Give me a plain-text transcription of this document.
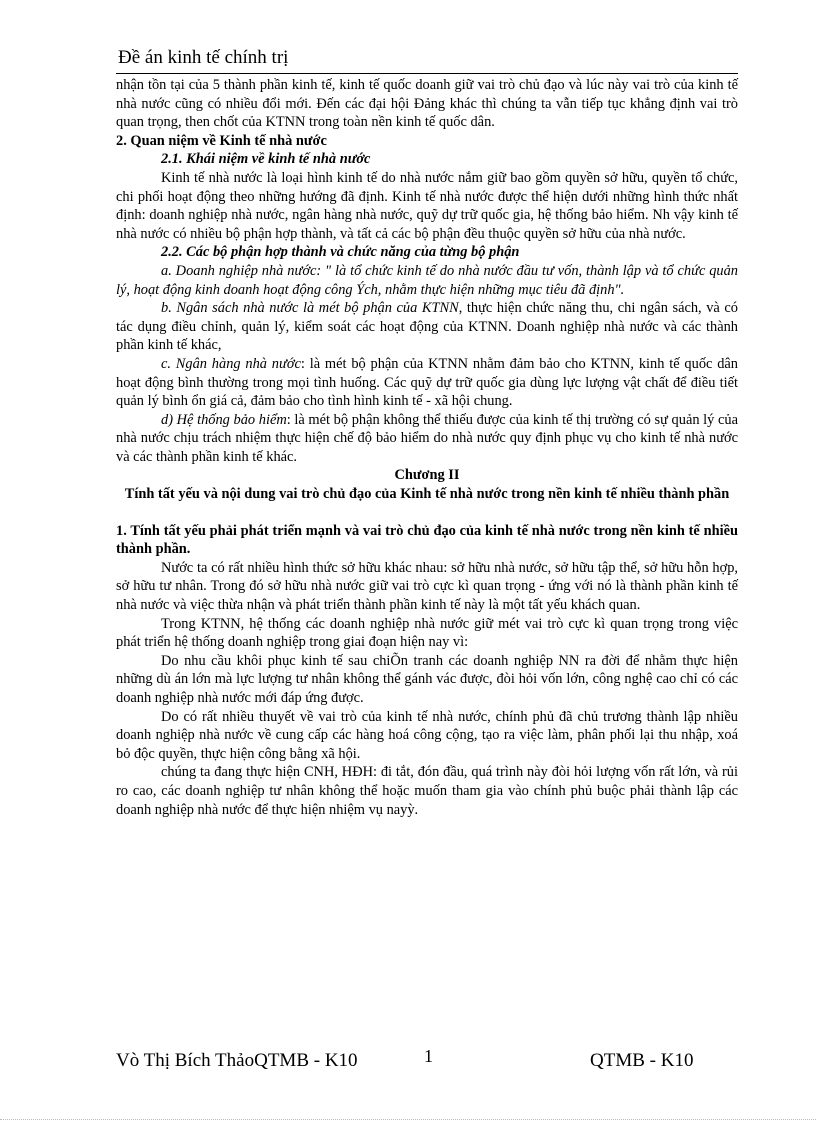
Đề án kinh tế chính trị

nhận tồn tại của 5 thành phần kinh tế, kinh tế quốc doanh giữ vai trò chủ đạo và lúc này vai trò của kinh tế nhà nước cũng có nhiều đổi mới. Đến các đại hội Đảng khác thì chúng ta vẫn tiếp tục khẳng định vai trò quan trọng, then chốt của KTNN trong toàn nền kinh tế quốc dân.

2. Quan niệm về Kinh tế nhà nước

2.1. Khái niệm về kinh tế nhà nước

Kinh tế nhà nước là loại hình kinh tế do nhà nước nắm giữ bao gồm quyền sở hữu, quyền tổ chức, chi phối hoạt động theo những hướng đã định. Kinh tế nhà nước được thể hiện dưới những hình thức nhất định: doanh nghiệp nhà nước, ngân hàng nhà nước, quỹ dự trữ quốc gia, hệ thống bảo hiểm. Nh vậy kinh tế nhà nước có nhiều bộ phận hợp thành, và tất cả các bộ phận đều thuộc quyền sở hữu của nhà nước.

2.2. Các bộ phận hợp thành và chức năng của từng bộ phận

a. Doanh nghiệp nhà nước: " là tổ chức kinh tế do nhà nước đầu tư vốn, thành lập và tổ chức quản lý, hoạt động kinh doanh hoạt động công Ých, nhằm thực hiện những mục tiêu đã định".

b. Ngân sách nhà nước là mét bộ phận của KTNN, thực hiện chức năng thu, chi ngân sách, và có tác dụng điều chỉnh, quản lý, kiểm soát các hoạt động của KTNN. Doanh nghiệp nhà nước và các thành phần kinh tế khác,

c. Ngân hàng nhà nước: là mét bộ phận của KTNN nhằm đảm bảo cho KTNN, kinh tế quốc dân hoạt động bình thường trong mọi tình huống. Các quỹ dự trữ quốc gia dùng lực lượng vật chất để điều tiết quản lý bình ổn giá cả, đảm bảo cho tình hình kinh tế - xã hội chung.

d) Hệ thống bảo hiểm: là mét bộ phận không thể thiếu được của kinh tế thị trường có sự quản lý của nhà nước chịu trách nhiệm thực hiện chế độ bảo hiểm do nhà nước quy định phục vụ cho kinh tế nhà nước và các thành phần kinh tế khác.

Chương II

Tính tất yếu và nội dung vai trò chủ đạo của Kinh tế nhà nước trong nền kinh tế nhiều thành phần

1. Tính tất yếu phải phát triển mạnh và vai trò chủ đạo của kinh tế nhà nước trong nền kinh tế nhiều thành phần.

Nước ta có rất nhiều hình thức sở hữu khác nhau: sở hữu nhà nước, sở hữu tập thể, sở hữu hỗn hợp, sở hữu tư nhân. Trong đó sở hữu nhà nước giữ vai trò cực kì quan trọng - ứng với nó là thành phần kinh tế nhà nước và việc thừa nhận và phát triển thành phần kinh tế này là một tất yếu khách quan.

Trong KTNN, hệ thống các doanh nghiệp nhà nước giữ mét vai trò cực kì quan trọng trong việc phát triển hệ thống doanh nghiệp trong giai đoạn hiện nay vì:

Do nhu cầu khôi phục kinh tế sau chiÕn tranh các doanh nghiệp NN ra đời để nhằm thực hiện những dù án lớn mà lực lượng tư nhân không thể gánh vác được, đòi hỏi vốn lớn, công nghệ cao chỉ có các doanh nghiệp nhà nước mới đáp ứng được.

Do có rất nhiều thuyết về vai trò của kinh tế nhà nước, chính phủ đã chủ trương thành lập nhiều doanh nghiệp nhà nước về cung cấp các hàng hoá công cộng, tạo ra việc làm, phân phối lại thu nhập, xoá bỏ độc quyền, thực hiện công bằng xã hội.

chúng ta đang thực hiện CNH, HĐH: đi tắt, đón đầu, quá trình này đòi hỏi lượng vốn rất lớn, và rủi ro cao, các doanh nghiệp tư nhân không thể hoặc muốn tham gia vào chính phủ buộc phải thành lập các doanh nghiệp nhà nước để thực hiện nhiệm vụ nayỳ.

Vò Thị Bích ThảoQTMB - K10	1	QTMB - K10
